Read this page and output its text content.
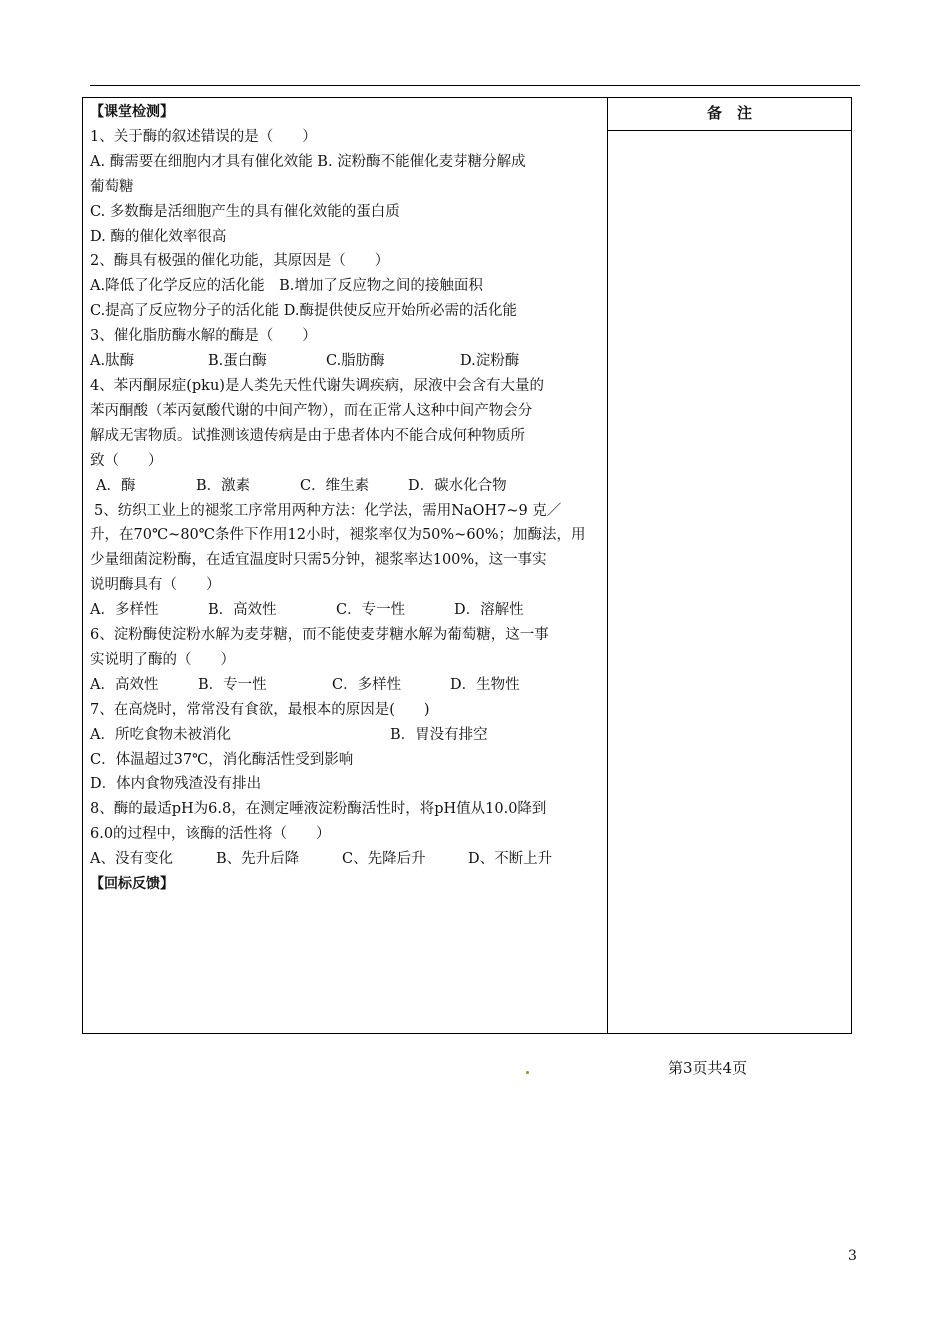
【课堂检测】
1、关于酶的叙述错误的是（　　）
A. 酶需要在细胞内才具有催化效能 B. 淀粉酶不能催化麦芽糖分解成
葡萄糖
C. 多数酶是活细胞产生的具有催化效能的蛋白质
D. 酶的催化效率很高
2、酶具有极强的催化功能，其原因是（　　）
A.降低了化学反应的活化能　B.增加了反应物之间的接触面积
C.提高了反应物分子的活化能 D.酶提供使反应开始所必需的活化能
3、催化脂肪酶水解的酶是（　　）
A.肽酶	B.蛋白酶	C.脂肪酶	D.淀粉酶
4、苯丙酮尿症(pku)是人类先天性代谢失调疾病，尿液中会含有大量的
苯丙酮酸（苯丙氨酸代谢的中间产物），而在正常人这种中间产物会分
解成无害物质。试推测该遗传病是由于患者体内不能合成何种物质所
致（　　）
A．酶	B．激素	C．维生素	D．碳水化合物
5、纺织工业上的褪浆工序常用两种方法：化学法，需用NaOH7~9 克／
升，在70℃~80℃条件下作用12小时，褪浆率仅为50%~60%；加酶法，用
少量细菌淀粉酶，在适宜温度时只需5分钟，褪浆率达100%，这一事实
说明酶具有（　　）
A．多样性	B．高效性	C．专一性	D．溶解性
6、淀粉酶使淀粉水解为麦芽糖，而不能使麦芽糖水解为葡萄糖，这一事
实说明了酶的（　　）
A．高效性	B．专一性	C．多样性	D．生物性
7、在高烧时，常常没有食欲，最根本的原因是(　　)
A．所吃食物未被消化	B．胃没有排空
C．体温超过37℃，消化酶活性受到影响
D．体内食物残渣没有排出
8、酶的最适pH为6.8，在测定唾液淀粉酶活性时，将pH值从10.0降到
6.0的过程中，该酶的活性将（　　）
A、没有变化	B、先升后降	C、先降后升	D、不断上升
【回标反馈】
备　注
第3页共4页
3
